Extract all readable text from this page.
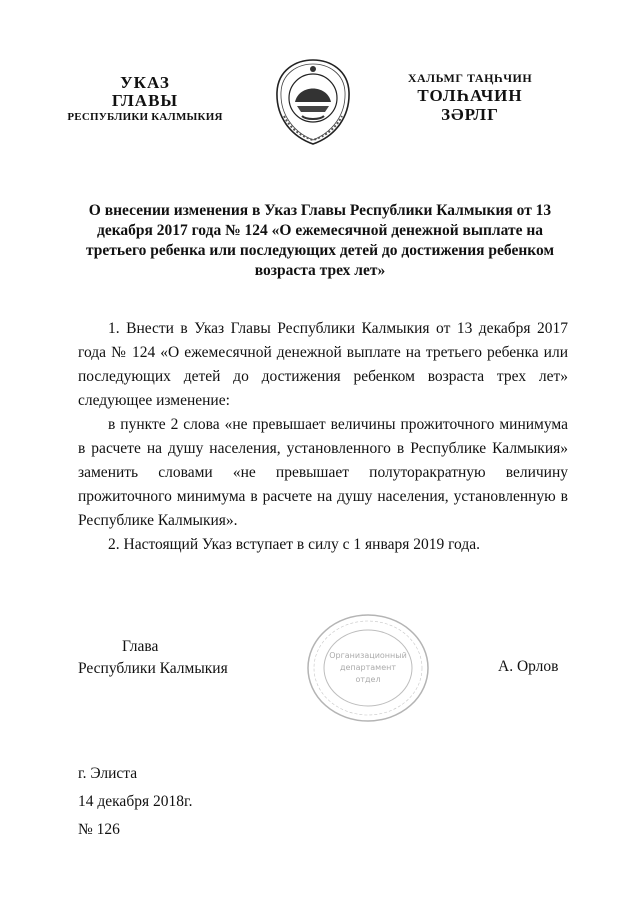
УКАЗ
ГЛАВЫ
РЕСПУБЛИКИ КАЛМЫКИЯ
ХАЛЬМГ ТАҢҺЧИН
ТОЛҺАЧИН
ЗӘРЛГ
О внесении изменения в Указ Главы Республики Калмыкия от 13 декабря 2017 года № 124 «О ежемесячной денежной выплате на третьего ребенка или последующих детей до достижения ребенком возраста трех лет»

1. Внести в Указ Главы Республики Калмыкия от 13 декабря 2017 года № 124 «О ежемесячной денежной выплате на третьего ребенка или последующих детей до достижения ребенком возраста трех лет» следующее изменение:

в пункте 2 слова «не превышает величины прожиточного минимума в расчете на душу населения, установленного в Республике Калмыкия» заменить словами «не превышает полуторакратную величину прожиточного минимума в расчете на душу населения, установленную в Республике Калмыкия».

2. Настоящий Указ вступает в силу с 1 января 2019 года.

Организационный
департамент
отдел
Глава
Республики Калмыкия	А. Орлов
г. Элиста
14 декабря 2018г.
№ 126
